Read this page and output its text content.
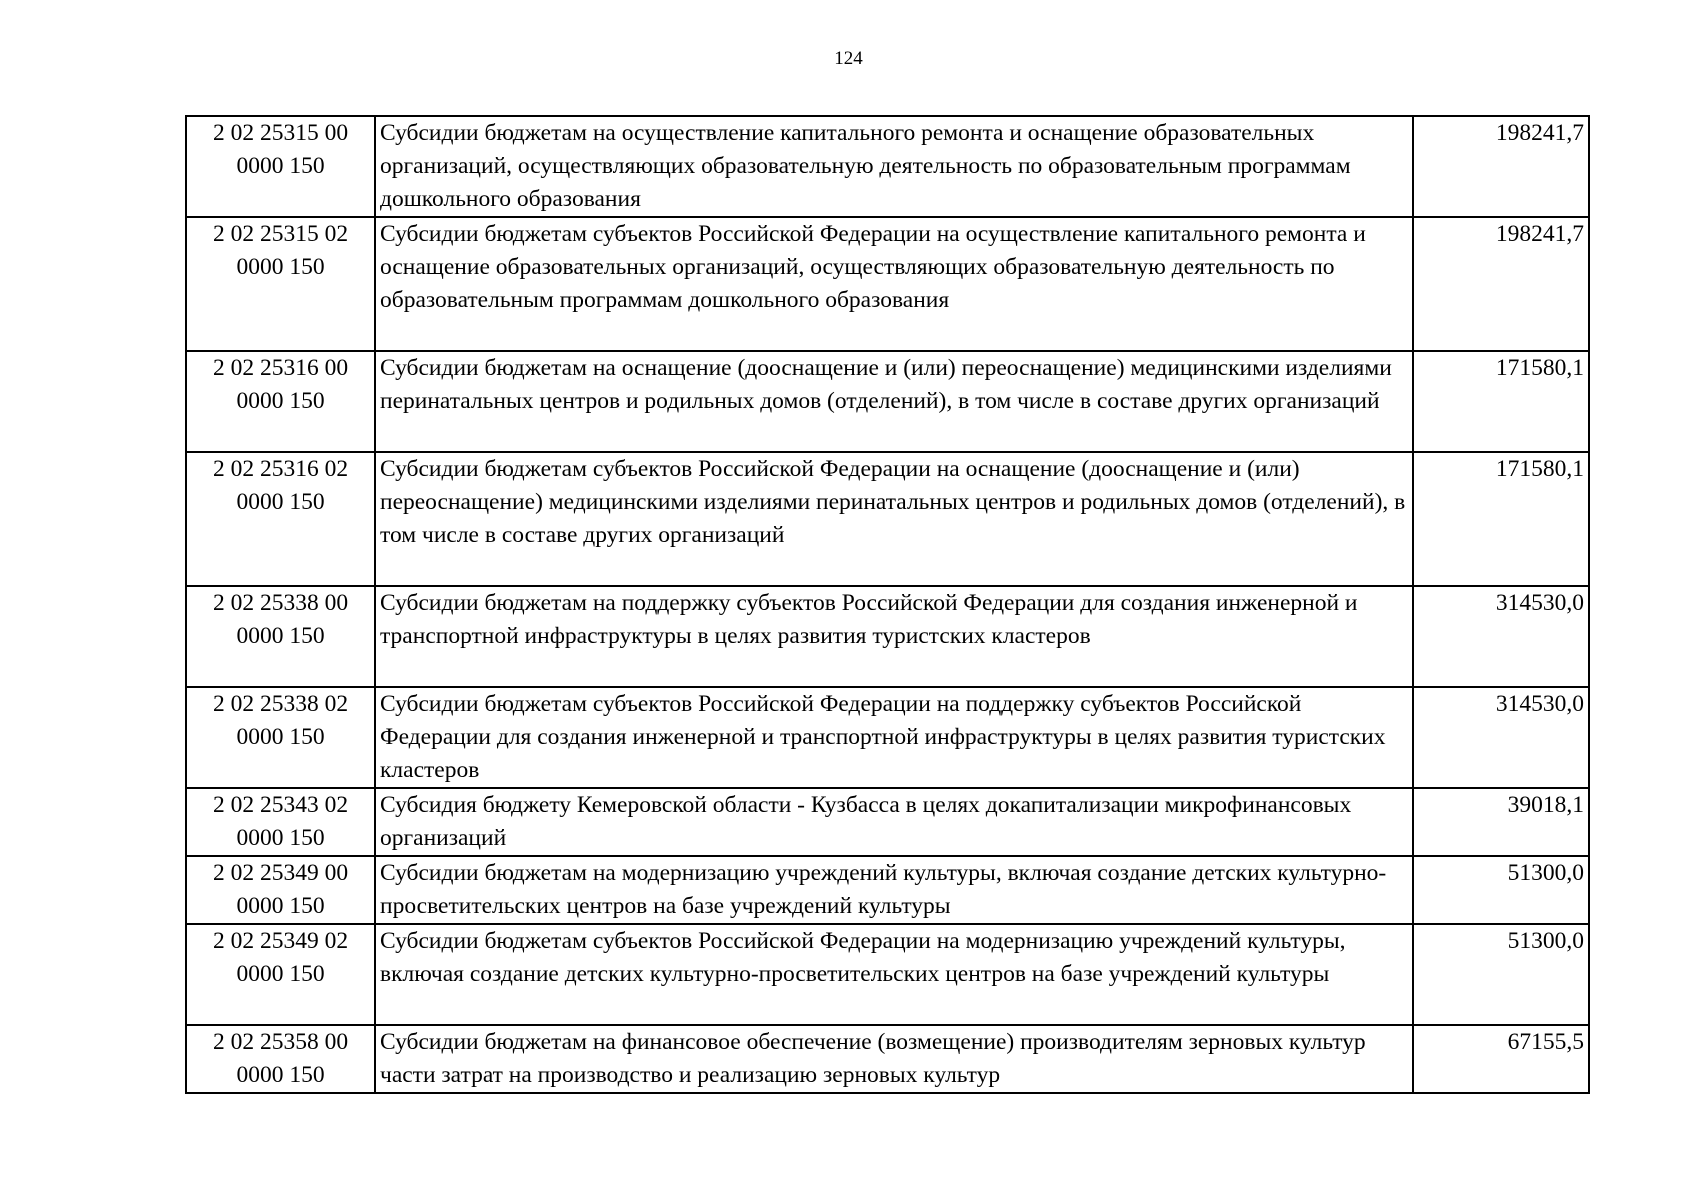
124
2 02 25315 00
0000 150	Субсидии бюджетам на осуществление капитального ремонта и оснащение образовательных организаций, осуществляющих образовательную деятельность по образовательным программам дошкольного образования	198241,7
2 02 25315 02
0000 150	Субсидии бюджетам субъектов Российской Федерации на осуществление капитального ремонта и оснащение образовательных организаций, осуществляющих образовательную деятельность по образовательным программам дошкольного образования	198241,7
2 02 25316 00
0000 150	Субсидии бюджетам на оснащение (дооснащение и (или) переоснащение) медицинскими изделиями перинатальных центров и родильных домов (отделений), в том числе в составе других организаций	171580,1
2 02 25316 02
0000 150	Субсидии бюджетам субъектов Российской Федерации на оснащение (дооснащение и (или) переоснащение) медицинскими изделиями перинатальных центров и родильных домов (отделений), в том числе в составе других организаций	171580,1
2 02 25338 00
0000 150	Субсидии бюджетам на поддержку субъектов Российской Федерации для создания инженерной и транспортной инфраструктуры в целях развития туристских кластеров	314530,0
2 02 25338 02
0000 150	Субсидии бюджетам субъектов Российской Федерации на поддержку субъектов Российской Федерации для создания инженерной и транспортной инфраструктуры в целях развития туристских кластеров	314530,0
2 02 25343 02
0000 150	Субсидия бюджету Кемеровской области - Кузбасса в целях докапитализации микрофинансовых организаций	39018,1
2 02 25349 00
0000 150	Субсидии бюджетам на модернизацию учреждений культуры, включая создание детских культурно-просветительских центров на базе учреждений культуры	51300,0
2 02 25349 02
0000 150	Субсидии бюджетам субъектов Российской Федерации на модернизацию учреждений культуры, включая создание детских культурно-просветительских центров на базе учреждений культуры	51300,0
2 02 25358 00
0000 150	Субсидии бюджетам на финансовое обеспечение (возмещение) производителям зерновых культур части затрат на производство и реализацию зерновых культур	67155,5
